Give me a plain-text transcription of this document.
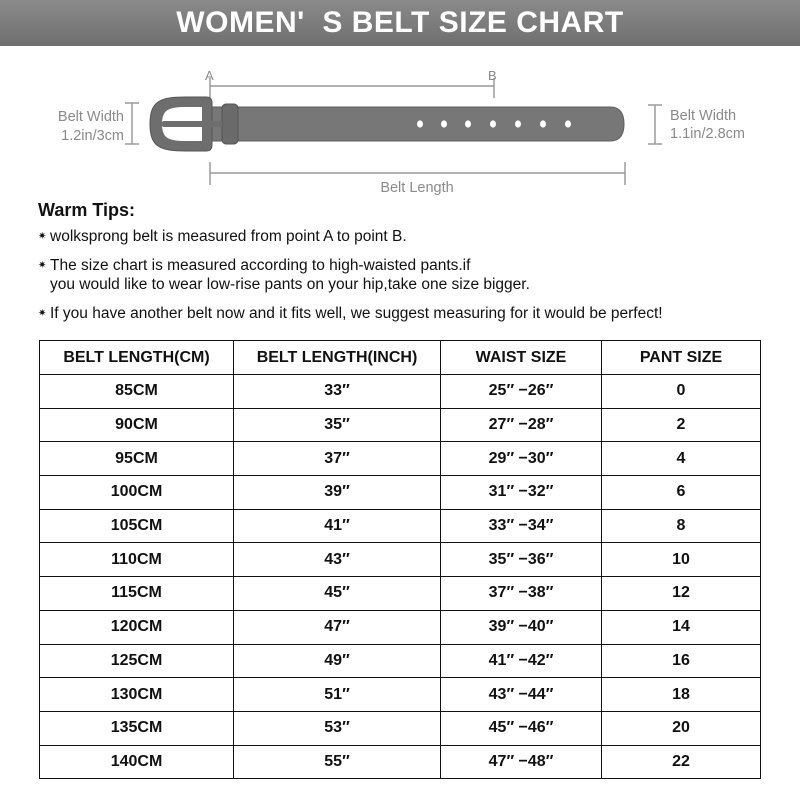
WOMEN'  S BELT SIZE CHART
A	B
Belt Width
1.2in/3cm
Belt Width
1.1in/2.8cm
Belt Length
Warm Tips:
✷ wolksprong belt is measured from point A to point B.
✷ The size chart is measured according to high-waisted pants.if
you would like to wear low-rise pants on your hip,take one size bigger.
✷ If you have another belt now and it fits well, we suggest measuring for it would be perfect!
BELT LENGTH(CM)	BELT LENGTH(INCH)	WAIST SIZE	PANT SIZE
85CM	33″	25″ −26″	0
90CM	35″	27″ −28″	2
95CM	37″	29″ −30″	4
100CM	39″	31″ −32″	6
105CM	41″	33″ −34″	8
110CM	43″	35″ −36″	10
115CM	45″	37″ −38″	12
120CM	47″	39″ −40″	14
125CM	49″	41″ −42″	16
130CM	51″	43″ −44″	18
135CM	53″	45″ −46″	20
140CM	55″	47″ −48″	22
